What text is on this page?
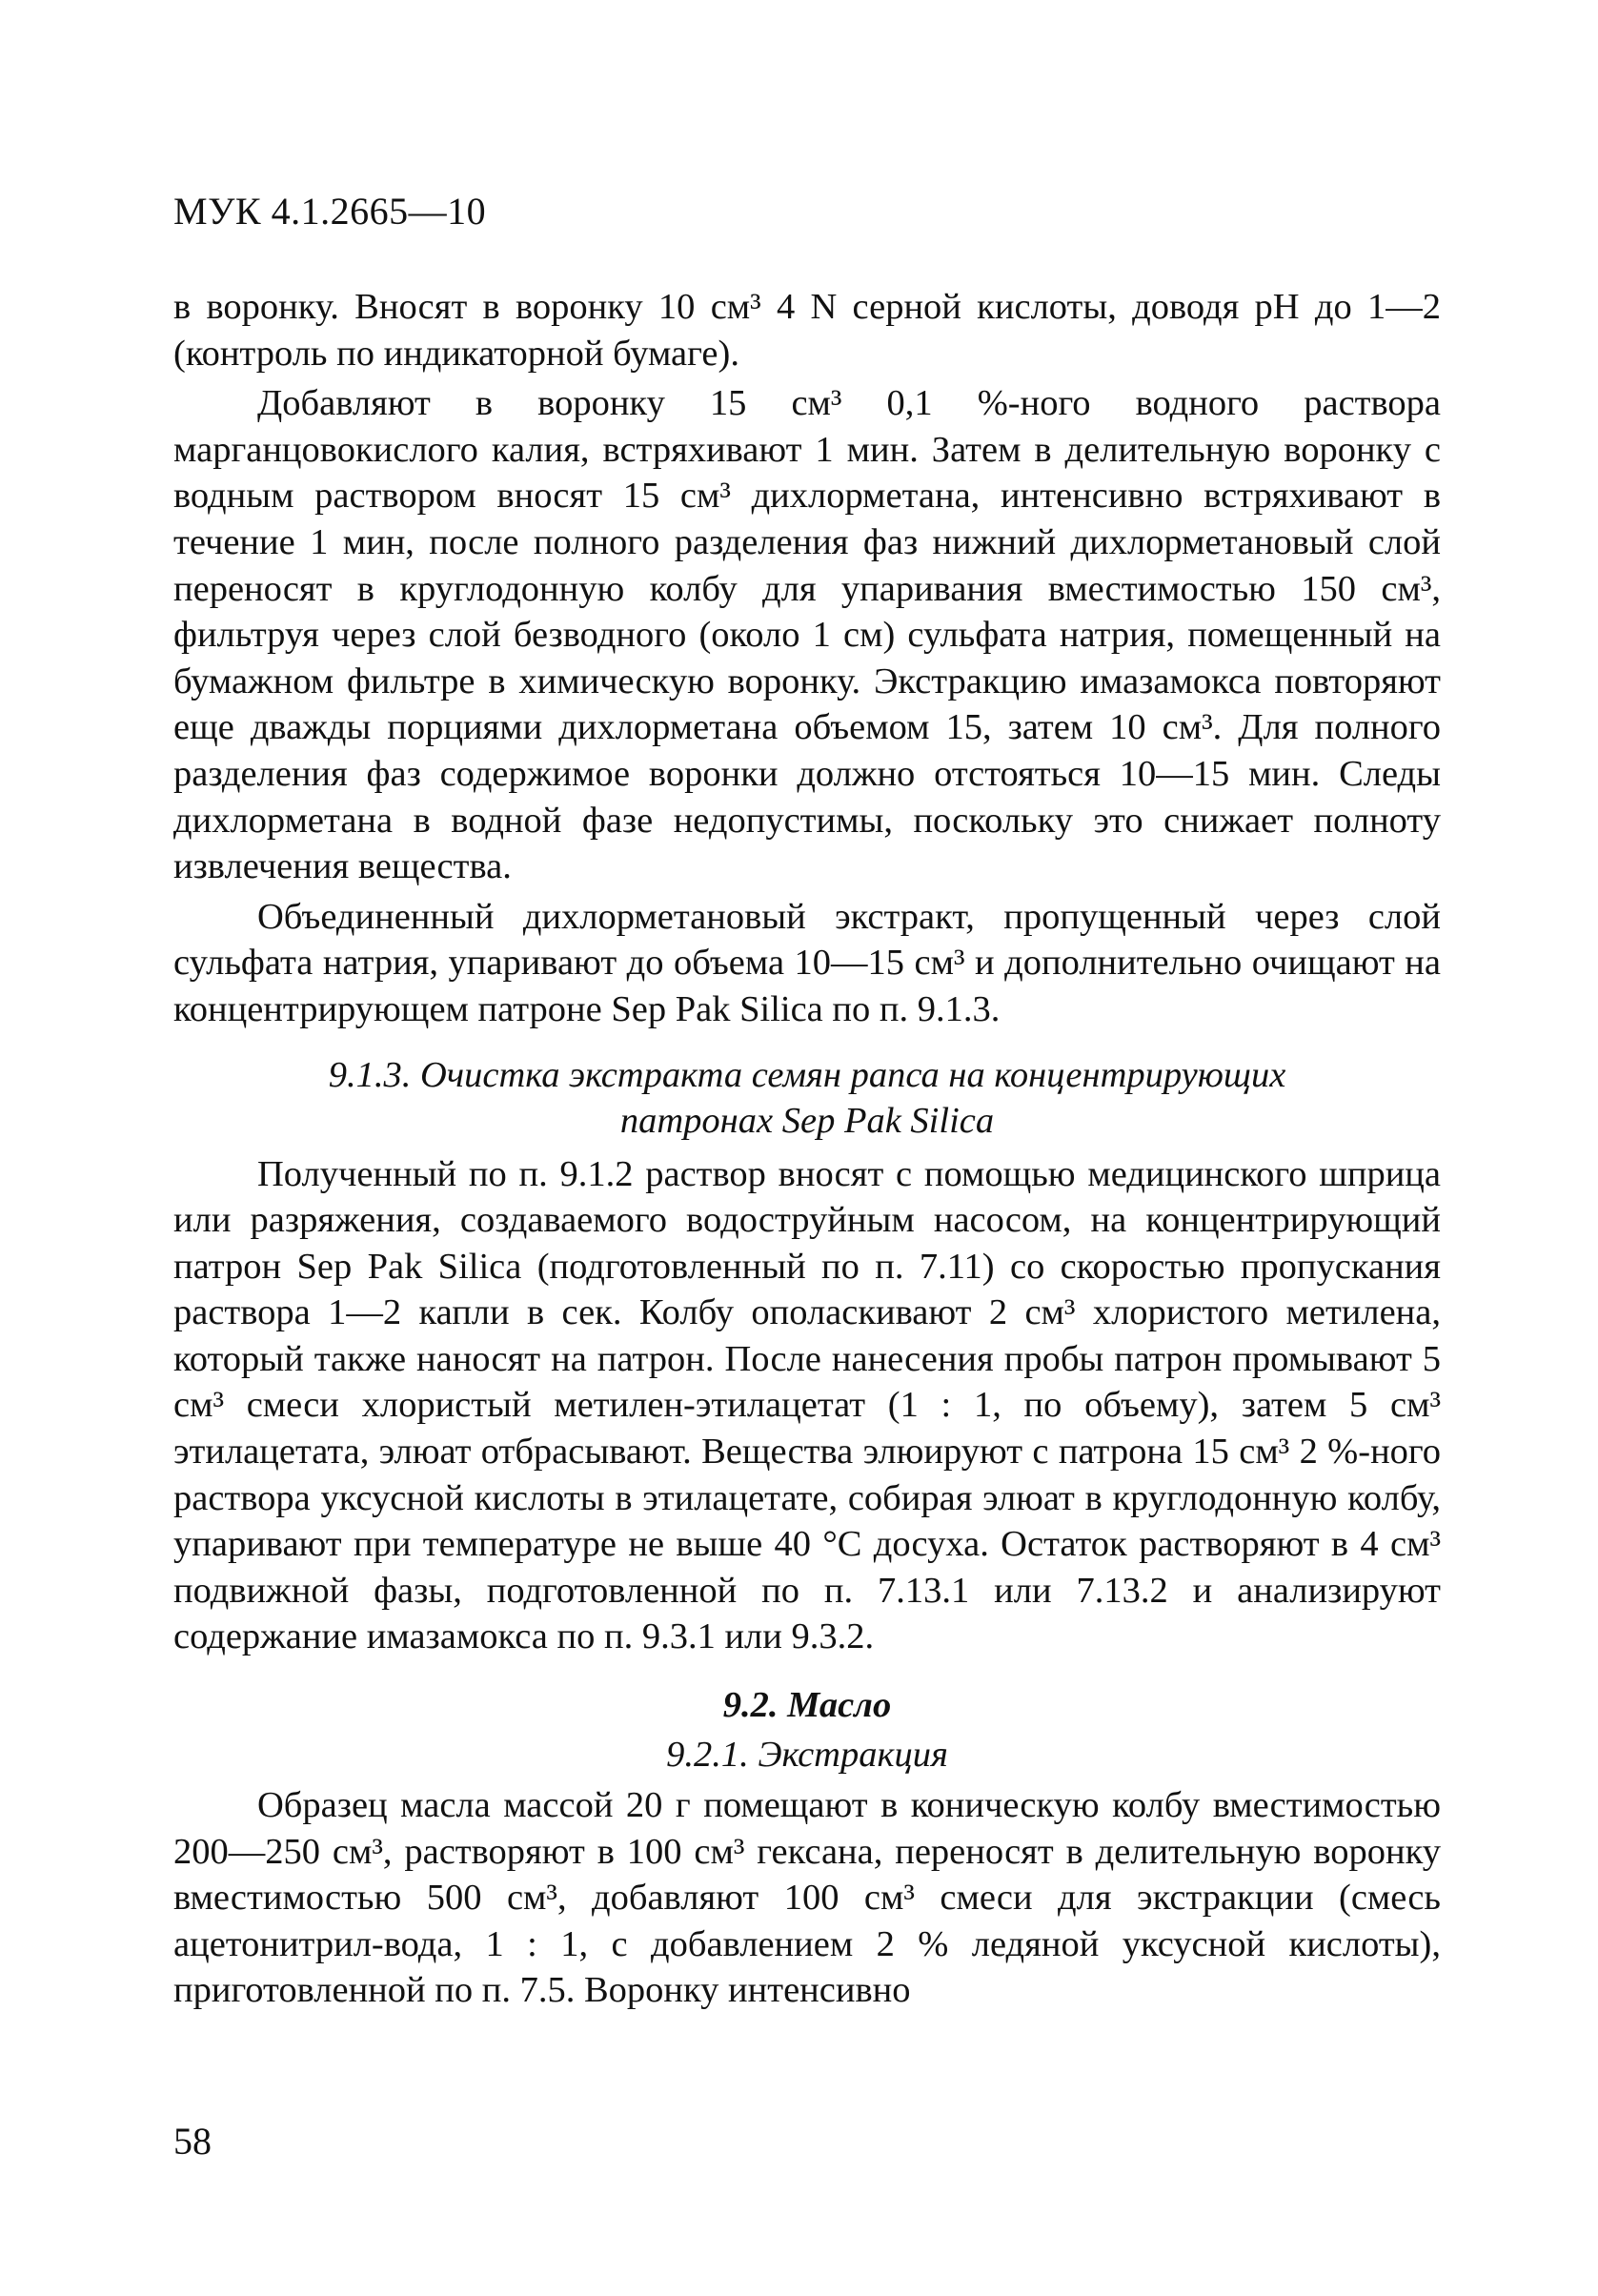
МУК 4.1.2665—10

в воронку. Вносят в воронку 10 см³ 4 N серной кислоты, доводя рН до 1—2 (контроль по индикаторной бумаге).

Добавляют в воронку 15 см³ 0,1 %-ного водного раствора марганцовокислого калия, встряхивают 1 мин. Затем в делительную воронку с водным раствором вносят 15 см³ дихлорметана, интенсивно встряхивают в течение 1 мин, после полного разделения фаз нижний дихлорметановый слой переносят в круглодонную колбу для упаривания вместимостью 150 см³, фильтруя через слой безводного (около 1 см) сульфата натрия, помещенный на бумажном фильтре в химическую воронку. Экстракцию имазамокса повторяют еще дважды порциями дихлорметана объемом 15, затем 10 см³. Для полного разделения фаз содержимое воронки должно отстояться 10—15 мин. Следы дихлорметана в водной фазе недопустимы, поскольку это снижает полноту извлечения вещества.

Объединенный дихлорметановый экстракт, пропущенный через слой сульфата натрия, упаривают до объема 10—15 см³ и дополнительно очищают на концентрирующем патроне Sep Pak Silica по п. 9.1.3.

9.1.3. Очистка экстракта семян рапса на концентрирующих
патронах Sep Pak Silica

Полученный по п. 9.1.2 раствор вносят с помощью медицинского шприца или разряжения, создаваемого водоструйным насосом, на концентрирующий патрон Sep Pak Silica (подготовленный по п. 7.11) со скоростью пропускания раствора 1—2 капли в сек. Колбу ополаскивают 2 см³ хлористого метилена, который также наносят на патрон. После нанесения пробы патрон промывают 5 см³ смеси хлористый метилен-этилацетат (1 : 1, по объему), затем 5 см³ этилацетата, элюат отбрасывают. Вещества элюируют с патрона 15 см³ 2 %-ного раствора уксусной кислоты в этилацетате, собирая элюат в круглодонную колбу, упаривают при температуре не выше 40 °С досуха. Остаток растворяют в 4 см³ подвижной фазы, подготовленной по п. 7.13.1 или 7.13.2 и анализируют содержание имазамокса по п. 9.3.1 или 9.3.2.

9.2. Масло
9.2.1. Экстракция

Образец масла массой 20 г помещают в коническую колбу вместимостью 200—250 см³, растворяют в 100 см³ гексана, переносят в делительную воронку вместимостью 500 см³, добавляют 100 см³ смеси для экстракции (смесь ацетонитрил-вода, 1 : 1, с добавлением 2 % ледяной уксусной кислоты), приготовленной по п. 7.5. Воронку интенсивно

58
